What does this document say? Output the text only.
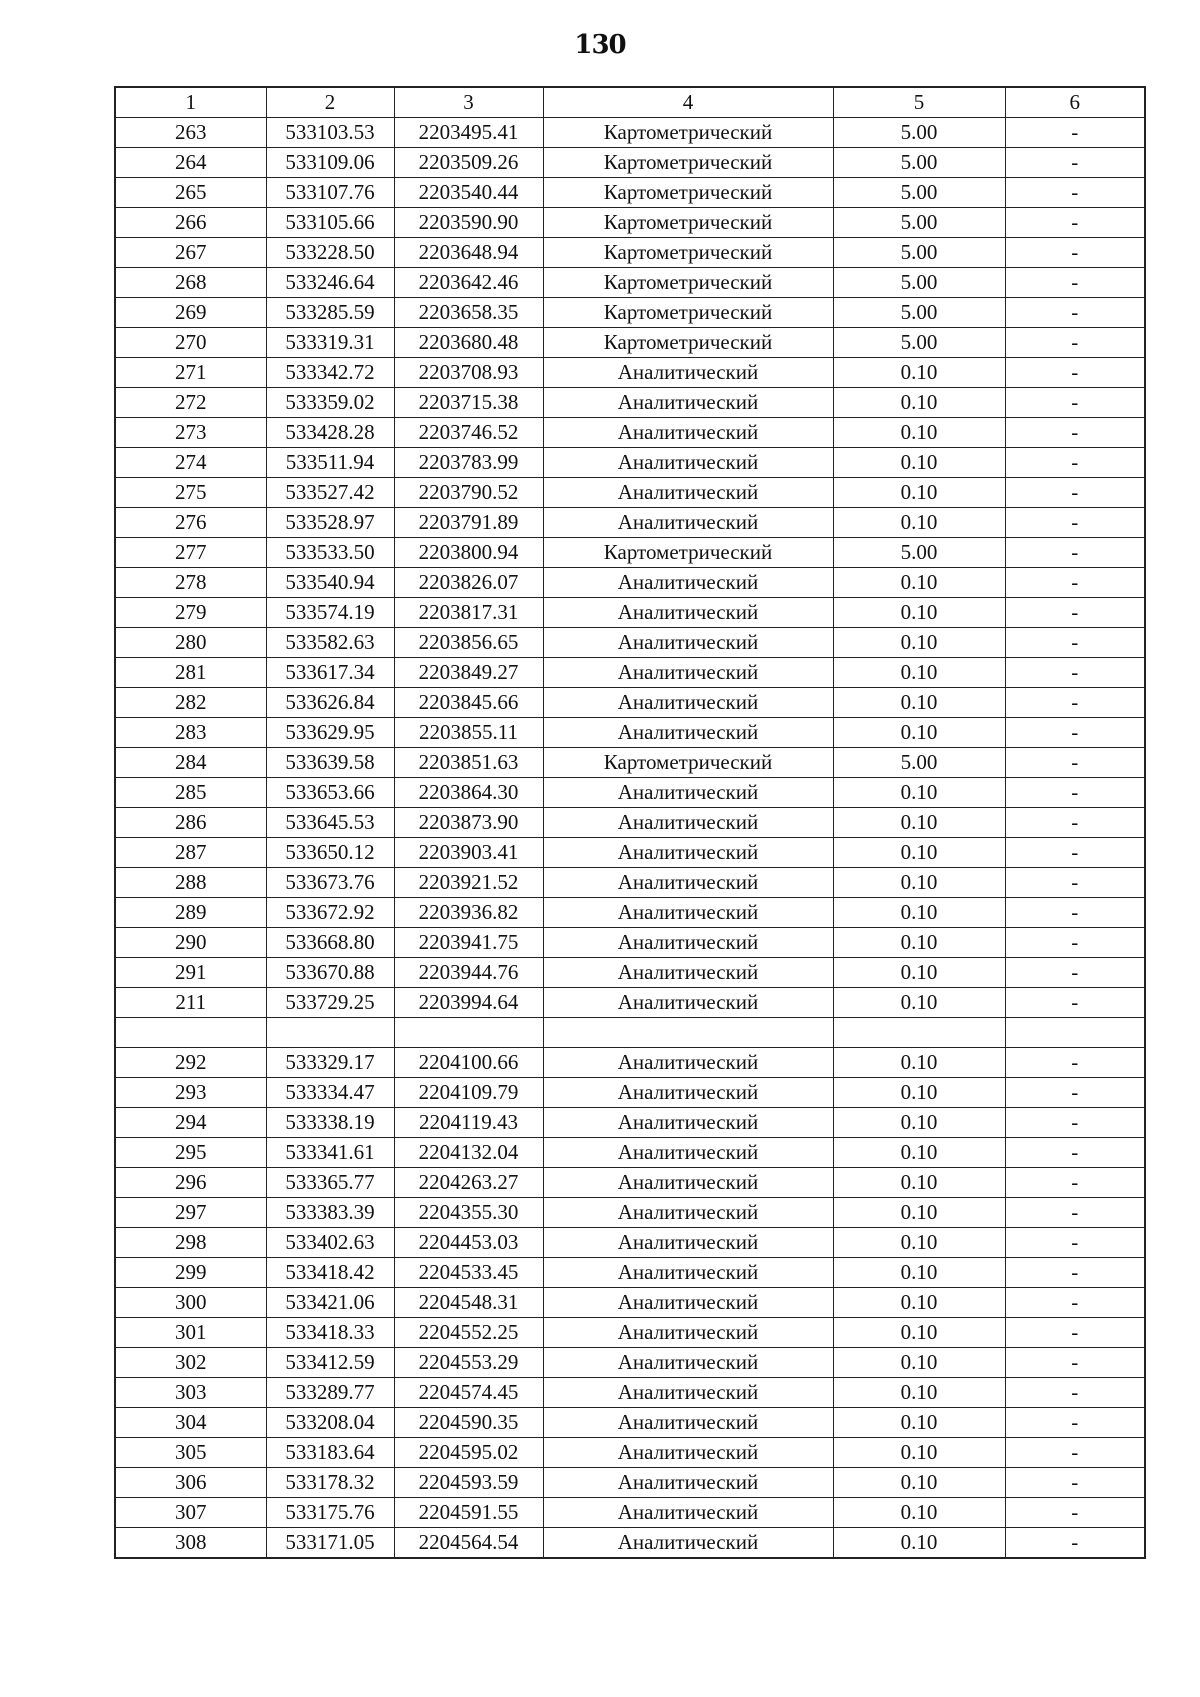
130
1	2	3	4	5	6
263	533103.53	2203495.41	Картометрический	5.00	-
264	533109.06	2203509.26	Картометрический	5.00	-
265	533107.76	2203540.44	Картометрический	5.00	-
266	533105.66	2203590.90	Картометрический	5.00	-
267	533228.50	2203648.94	Картометрический	5.00	-
268	533246.64	2203642.46	Картометрический	5.00	-
269	533285.59	2203658.35	Картометрический	5.00	-
270	533319.31	2203680.48	Картометрический	5.00	-
271	533342.72	2203708.93	Аналитический	0.10	-
272	533359.02	2203715.38	Аналитический	0.10	-
273	533428.28	2203746.52	Аналитический	0.10	-
274	533511.94	2203783.99	Аналитический	0.10	-
275	533527.42	2203790.52	Аналитический	0.10	-
276	533528.97	2203791.89	Аналитический	0.10	-
277	533533.50	2203800.94	Картометрический	5.00	-
278	533540.94	2203826.07	Аналитический	0.10	-
279	533574.19	2203817.31	Аналитический	0.10	-
280	533582.63	2203856.65	Аналитический	0.10	-
281	533617.34	2203849.27	Аналитический	0.10	-
282	533626.84	2203845.66	Аналитический	0.10	-
283	533629.95	2203855.11	Аналитический	0.10	-
284	533639.58	2203851.63	Картометрический	5.00	-
285	533653.66	2203864.30	Аналитический	0.10	-
286	533645.53	2203873.90	Аналитический	0.10	-
287	533650.12	2203903.41	Аналитический	0.10	-
288	533673.76	2203921.52	Аналитический	0.10	-
289	533672.92	2203936.82	Аналитический	0.10	-
290	533668.80	2203941.75	Аналитический	0.10	-
291	533670.88	2203944.76	Аналитический	0.10	-
211	533729.25	2203994.64	Аналитический	0.10	-

292	533329.17	2204100.66	Аналитический	0.10	-
293	533334.47	2204109.79	Аналитический	0.10	-
294	533338.19	2204119.43	Аналитический	0.10	-
295	533341.61	2204132.04	Аналитический	0.10	-
296	533365.77	2204263.27	Аналитический	0.10	-
297	533383.39	2204355.30	Аналитический	0.10	-
298	533402.63	2204453.03	Аналитический	0.10	-
299	533418.42	2204533.45	Аналитический	0.10	-
300	533421.06	2204548.31	Аналитический	0.10	-
301	533418.33	2204552.25	Аналитический	0.10	-
302	533412.59	2204553.29	Аналитический	0.10	-
303	533289.77	2204574.45	Аналитический	0.10	-
304	533208.04	2204590.35	Аналитический	0.10	-
305	533183.64	2204595.02	Аналитический	0.10	-
306	533178.32	2204593.59	Аналитический	0.10	-
307	533175.76	2204591.55	Аналитический	0.10	-
308	533171.05	2204564.54	Аналитический	0.10	-
